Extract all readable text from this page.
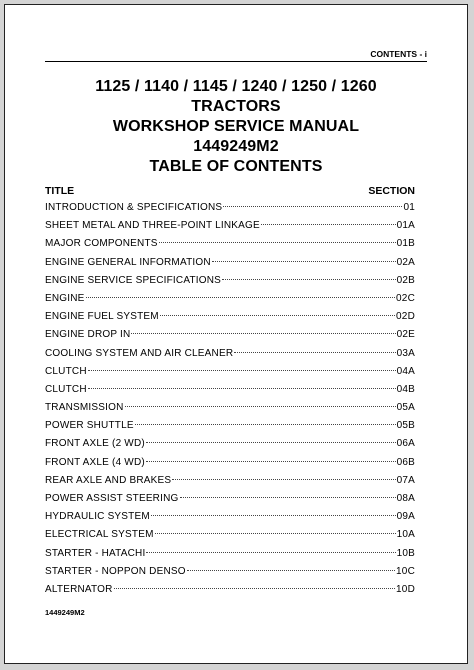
CONTENTS - i
1125 / 1140 / 1145 / 1240 / 1250 / 1260
TRACTORS
WORKSHOP SERVICE MANUAL
1449249M2
TABLE OF CONTENTS
TITLE	SECTION
INTRODUCTION & SPECIFICATIONS	01
SHEET METAL AND THREE-POINT LINKAGE	01A
MAJOR COMPONENTS	01B
ENGINE GENERAL INFORMATION	02A
ENGINE SERVICE SPECIFICATIONS	02B
ENGINE	02C
ENGINE FUEL SYSTEM	02D
ENGINE DROP IN	02E
COOLING SYSTEM AND AIR CLEANER	03A
CLUTCH	04A
CLUTCH	04B
TRANSMISSION	05A
POWER SHUTTLE	05B
FRONT AXLE (2 WD)	06A
FRONT AXLE (4 WD)	06B
REAR AXLE AND BRAKES	07A
POWER ASSIST STEERING	08A
HYDRAULIC SYSTEM	09A
ELECTRICAL SYSTEM	10A
STARTER - HATACHI	10B
STARTER - NOPPON DENSO	10C
ALTERNATOR	10D
1449249M2
